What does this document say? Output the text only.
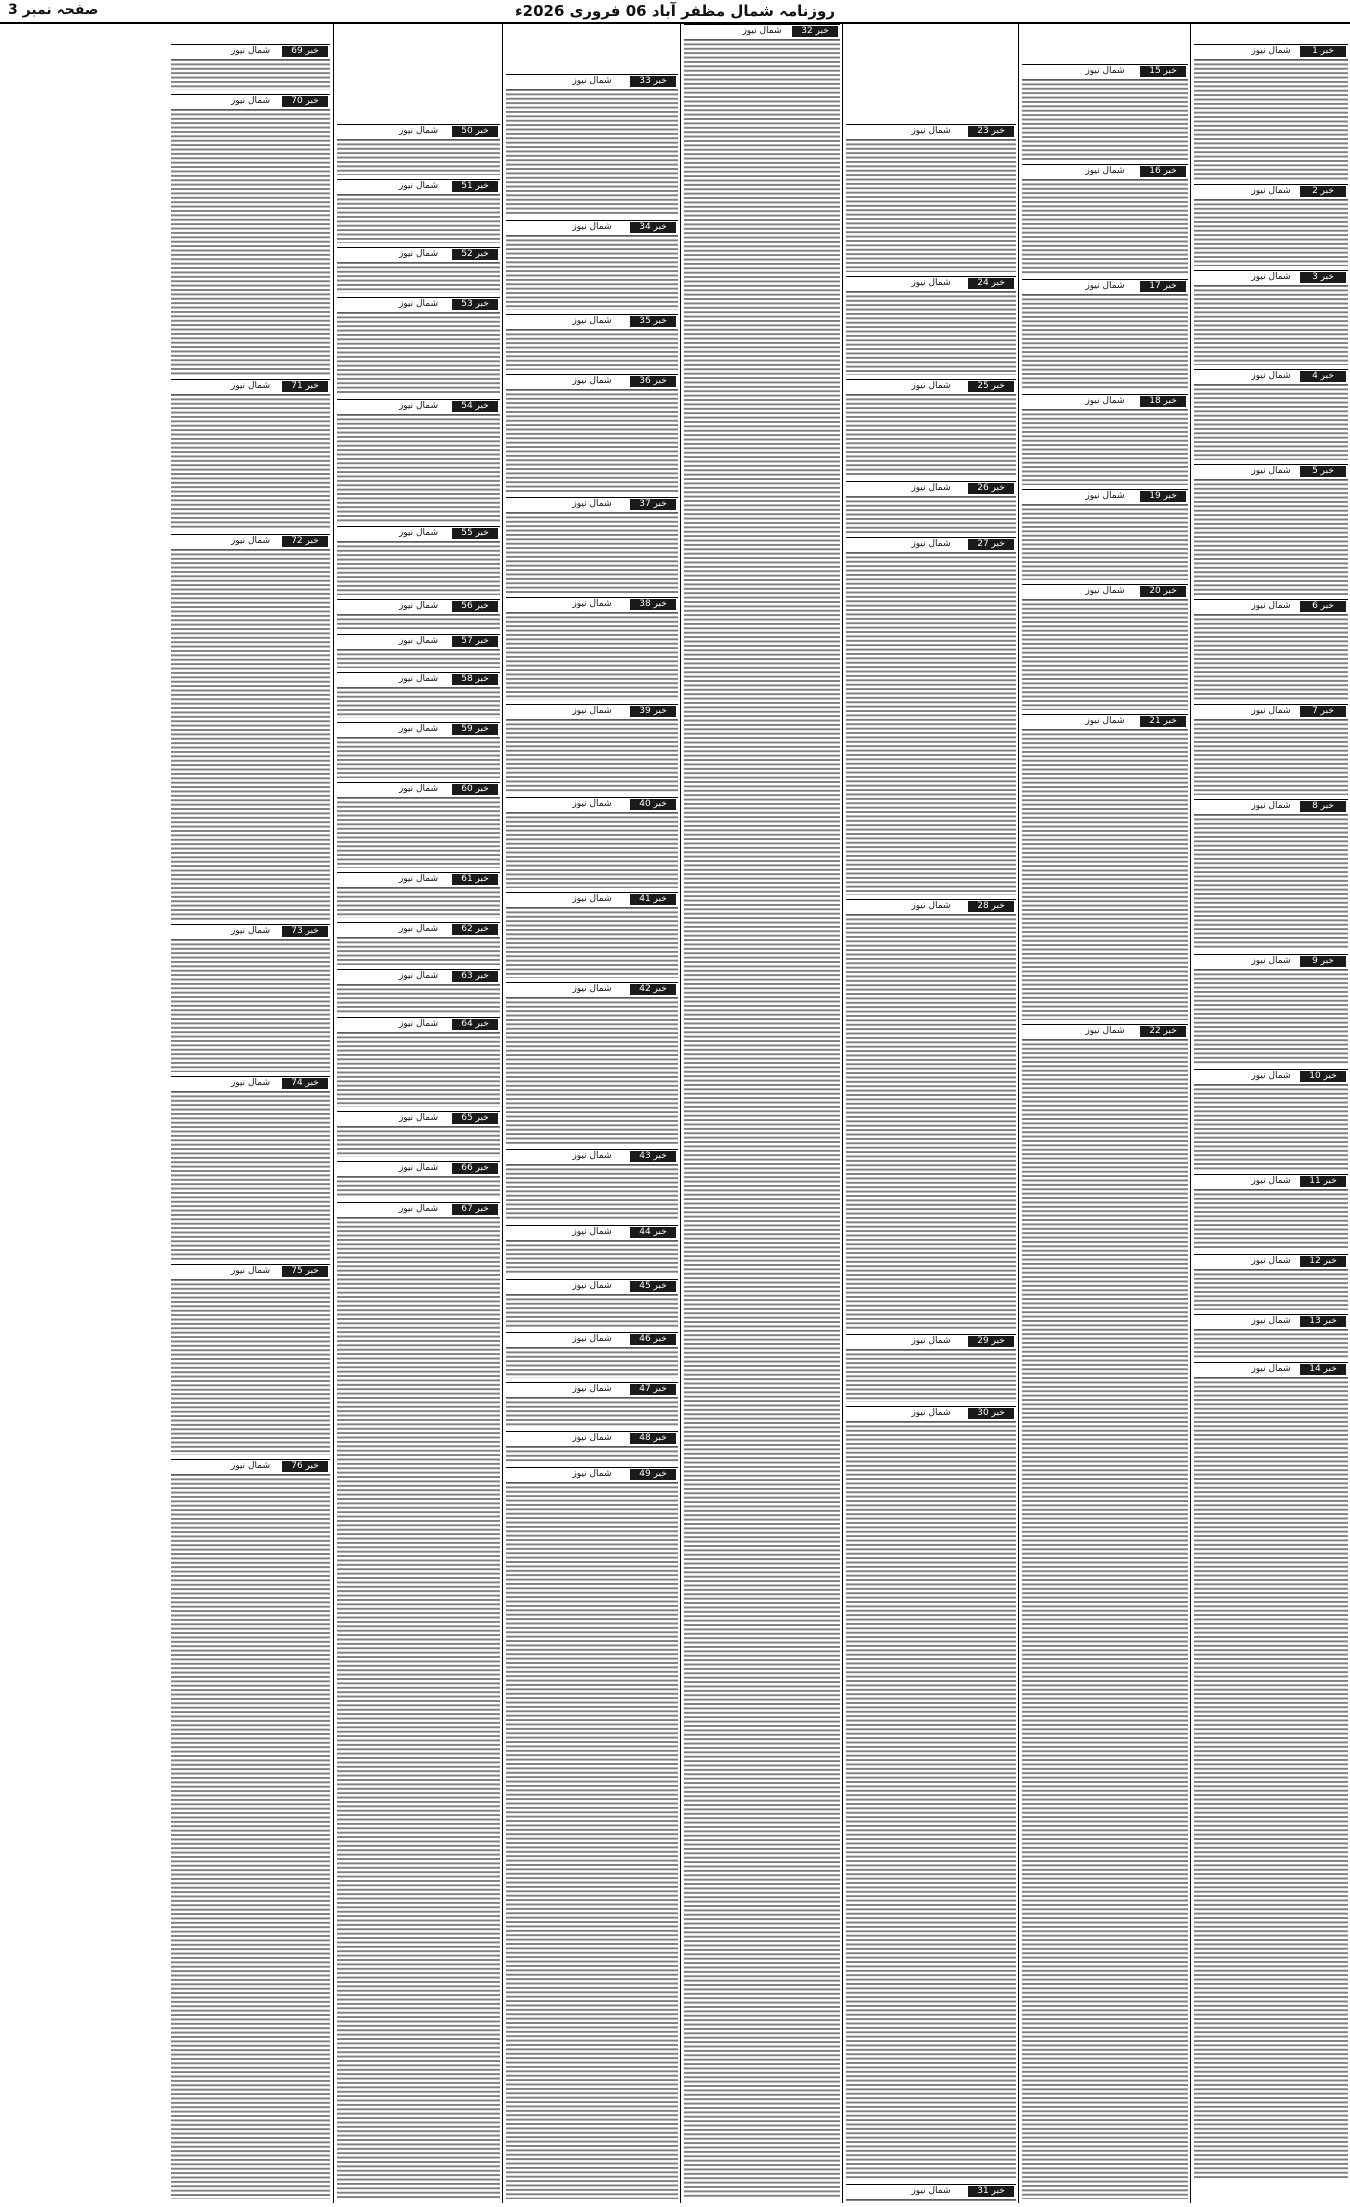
روزنامہ شمال مظفر آباد 06 فروری 2026ء
صفحہ نمبر 3
شمال نیوز	خبر 1
شمال نیوز	خبر 2
شمال نیوز	خبر 3
شمال نیوز	خبر 4
شمال نیوز	خبر 5
شمال نیوز	خبر 6
شمال نیوز	خبر 7
شمال نیوز	خبر 8
شمال نیوز	خبر 9
شمال نیوز	خبر 10
شمال نیوز	خبر 11
شمال نیوز	خبر 12
شمال نیوز	خبر 13
شمال نیوز	خبر 14
شمال نیوز	خبر 15
شمال نیوز	خبر 16
شمال نیوز	خبر 17
شمال نیوز	خبر 18
شمال نیوز	خبر 19
شمال نیوز	خبر 20
شمال نیوز	خبر 21
شمال نیوز	خبر 22
شمال نیوز	خبر 23
شمال نیوز	خبر 24
شمال نیوز	خبر 25
شمال نیوز	خبر 26
شمال نیوز	خبر 27
شمال نیوز	خبر 28
شمال نیوز	خبر 29
شمال نیوز	خبر 30
شمال نیوز	خبر 31
شمال نیوز	خبر 32
شمال نیوز	خبر 33
شمال نیوز	خبر 34
شمال نیوز	خبر 35
شمال نیوز	خبر 36
شمال نیوز	خبر 37
شمال نیوز	خبر 38
شمال نیوز	خبر 39
شمال نیوز	خبر 40
شمال نیوز	خبر 41
شمال نیوز	خبر 42
شمال نیوز	خبر 43
شمال نیوز	خبر 44
شمال نیوز	خبر 45
شمال نیوز	خبر 46
شمال نیوز	خبر 47
شمال نیوز	خبر 48
شمال نیوز	خبر 49
شمال نیوز	خبر 50
شمال نیوز	خبر 51
شمال نیوز	خبر 52
شمال نیوز	خبر 53
شمال نیوز	خبر 54
شمال نیوز	خبر 55
شمال نیوز	خبر 56
شمال نیوز	خبر 57
شمال نیوز	خبر 58
شمال نیوز	خبر 59
شمال نیوز	خبر 60
شمال نیوز	خبر 61
شمال نیوز	خبر 62
شمال نیوز	خبر 63
شمال نیوز	خبر 64
شمال نیوز	خبر 65
شمال نیوز	خبر 66
شمال نیوز	خبر 67
شمال نیوز	خبر 69
شمال نیوز	خبر 70
شمال نیوز	خبر 71
شمال نیوز	خبر 72
شمال نیوز	خبر 73
شمال نیوز	خبر 74
شمال نیوز	خبر 75
شمال نیوز	خبر 76
